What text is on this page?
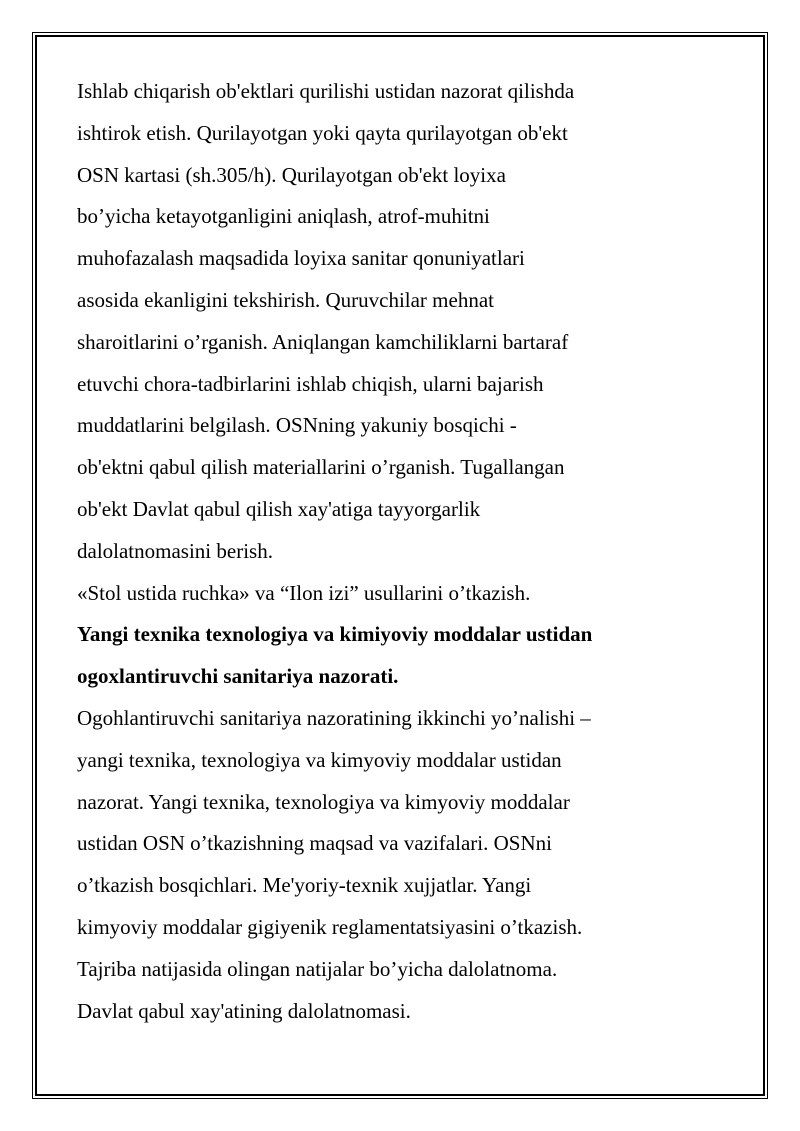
Ishlab chiqarish ob'ektlari qurilishi ustidan nazorat qilishda
ishtirok etish. Qurilayotgan yoki qayta qurilayotgan ob'ekt
OSN kartasi (sh.305/h). Qurilayotgan ob'ekt loyixa
bo’yicha ketayotganligini aniqlash, atrof-muhitni
muhofazalash maqsadida loyixa sanitar qonuniyatlari
asosida ekanligini tekshirish. Quruvchilar mehnat
sharoitlarini o’rganish. Aniqlangan kamchiliklarni bartaraf
etuvchi chora-tadbirlarini ishlab chiqish, ularni bajarish
muddatlarini belgilash. OSNning yakuniy bosqichi -
ob'ektni qabul qilish materiallarini o’rganish. Tugallangan
ob'ekt Davlat qabul qilish xay'atiga tayyorgarlik
dalolatnomasini berish.
«Stol ustida ruchka» va “Ilon izi” usullarini o’tkazish.
Yangi texnika texnologiya va kimiyoviy moddalar ustidan
ogoxlantiruvchi sanitariya nazorati.
Ogohlantiruvchi sanitariya nazoratining ikkinchi yo’nalishi –
yangi texnika, texnologiya va kimyoviy moddalar ustidan
nazorat. Yangi texnika, texnologiya va kimyoviy moddalar
ustidan OSN o’tkazishning maqsad va vazifalari. OSNni
o’tkazish bosqichlari. Me'yoriy-texnik xujjatlar. Yangi
kimyoviy moddalar gigiyenik reglamentatsiyasini o’tkazish.
Tajriba natijasida olingan natijalar bo’yicha dalolatnoma.
Davlat qabul xay'atining dalolatnomasi.
